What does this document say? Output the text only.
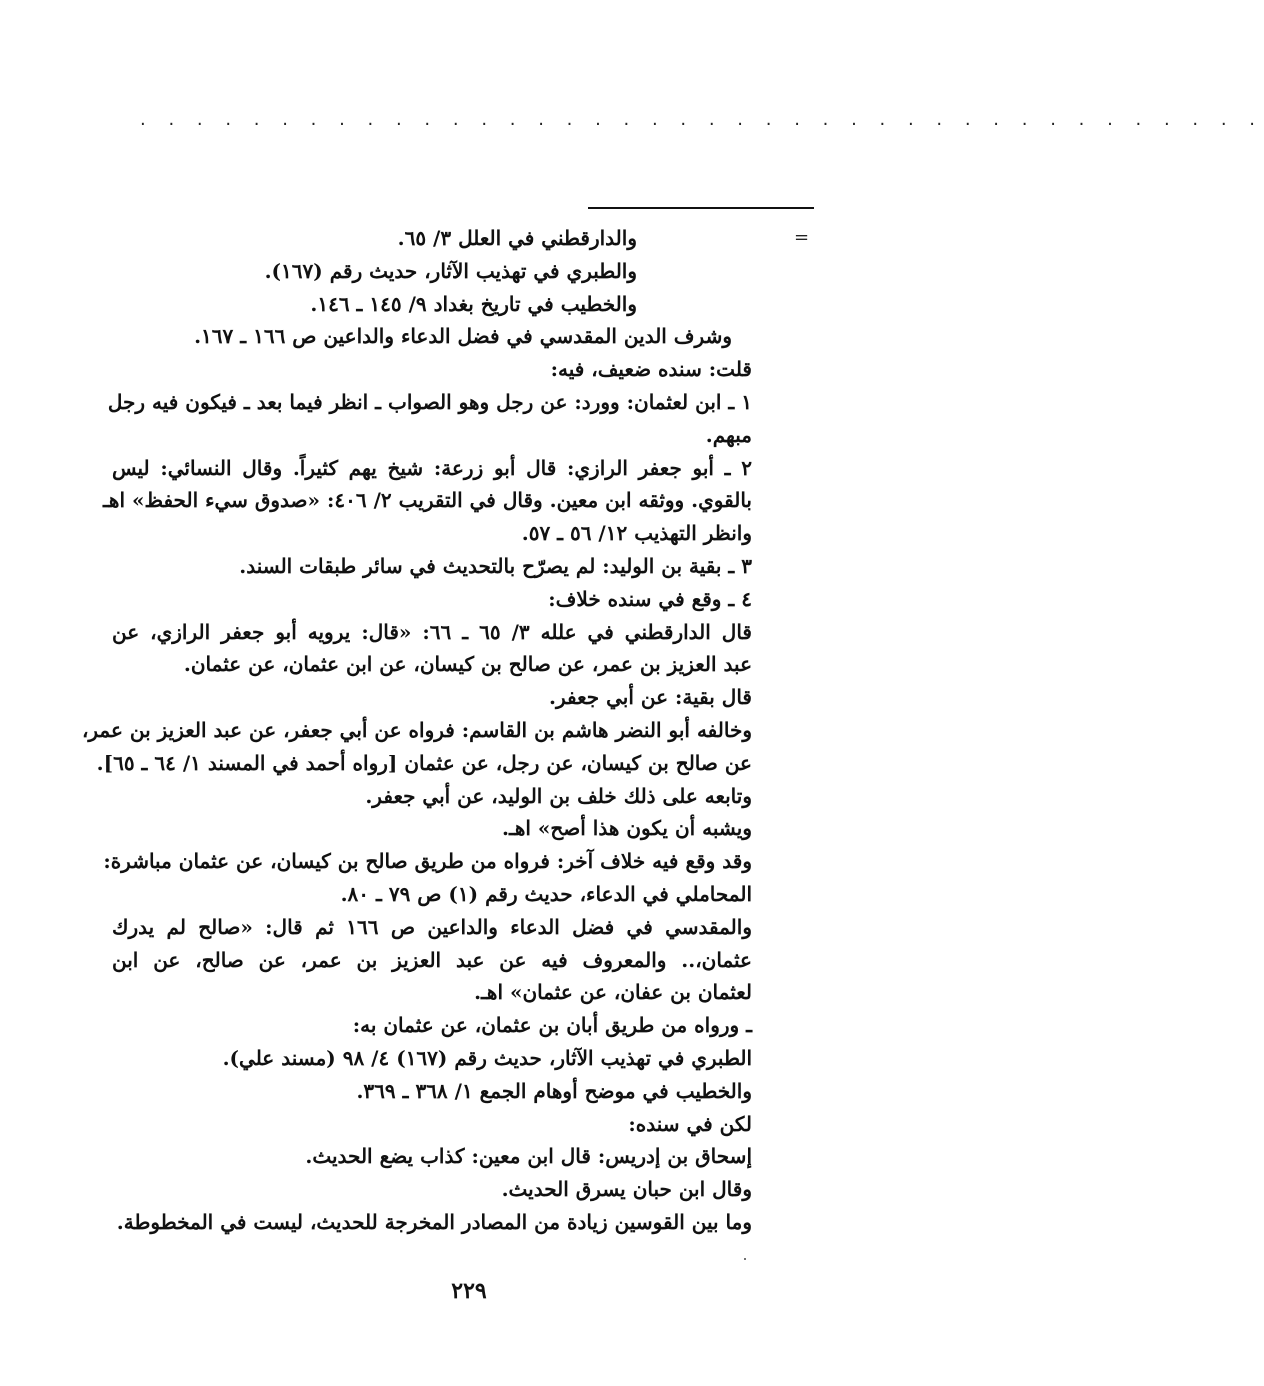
· · · · · · · · · · · · · · · · · · · · · · · · · · · · · · · · · · · · · · · ·
=
والدارقطني في العلل ٣/ ٦٥.
والطبري في تهذيب الآثار، حديث رقم (١٦٧).
والخطيب في تاريخ بغداد ٩/ ١٤٥ ـ ١٤٦.
وشرف الدين المقدسي في فضل الدعاء والداعين ص ١٦٦ ـ ١٦٧.
قلت: سنده ضعيف، فيه:
١ ـ ابن لعثمان: وورد: عن رجل وهو الصواب ـ انظر فيما بعد ـ فيكون فيه رجل
مبهم.
٢ ـ أبو جعفر الرازي: قال أبو زرعة: شيخ يهم كثيراً. وقال النسائي: ليس
بالقوي. ووثقه ابن معين. وقال في التقريب ٢/ ٤٠٦: «صدوق سيء الحفظ» اهـ
وانظر التهذيب ١٢/ ٥٦ ـ ٥٧.
٣ ـ بقية بن الوليد: لم يصرّح بالتحديث في سائر طبقات السند.
٤ ـ وقع في سنده خلاف:
قال الدارقطني في علله ٣/ ٦٥ ـ ٦٦: «قال: يرويه أبو جعفر الرازي، عن
عبد العزيز بن عمر، عن صالح بن كيسان، عن ابن عثمان، عن عثمان.
قال بقية: عن أبي جعفر.
وخالفه أبو النضر هاشم بن القاسم: فرواه عن أبي جعفر، عن عبد العزيز بن عمر،
عن صالح بن كيسان، عن رجل، عن عثمان [رواه أحمد في المسند ١/ ٦٤ ـ ٦٥].
وتابعه على ذلك خلف بن الوليد، عن أبي جعفر.
ويشبه أن يكون هذا أصح» اهـ.
وقد وقع فيه خلاف آخر: فرواه من طريق صالح بن كيسان، عن عثمان مباشرة:
المحاملي في الدعاء، حديث رقم (١) ص ٧٩ ـ ٨٠.
والمقدسي في فضل الدعاء والداعين ص ١٦٦ ثم قال: «صالح لم يدرك
عثمان،.. والمعروف فيه عن عبد العزيز بن عمر، عن صالح، عن ابن
لعثمان بن عفان، عن عثمان» اهـ.
ـ ورواه من طريق أبان بن عثمان، عن عثمان به:
الطبري في تهذيب الآثار، حديث رقم (١٦٧) ٤/ ٩٨ (مسند علي).
والخطيب في موضح أوهام الجمع ١/ ٣٦٨ ـ ٣٦٩.
لكن في سنده:
إسحاق بن إدريس: قال ابن معين: كذاب يضع الحديث.
وقال ابن حبان يسرق الحديث.
وما بين القوسين زيادة من المصادر المخرجة للحديث، ليست في المخطوطة.
٢٢٩
